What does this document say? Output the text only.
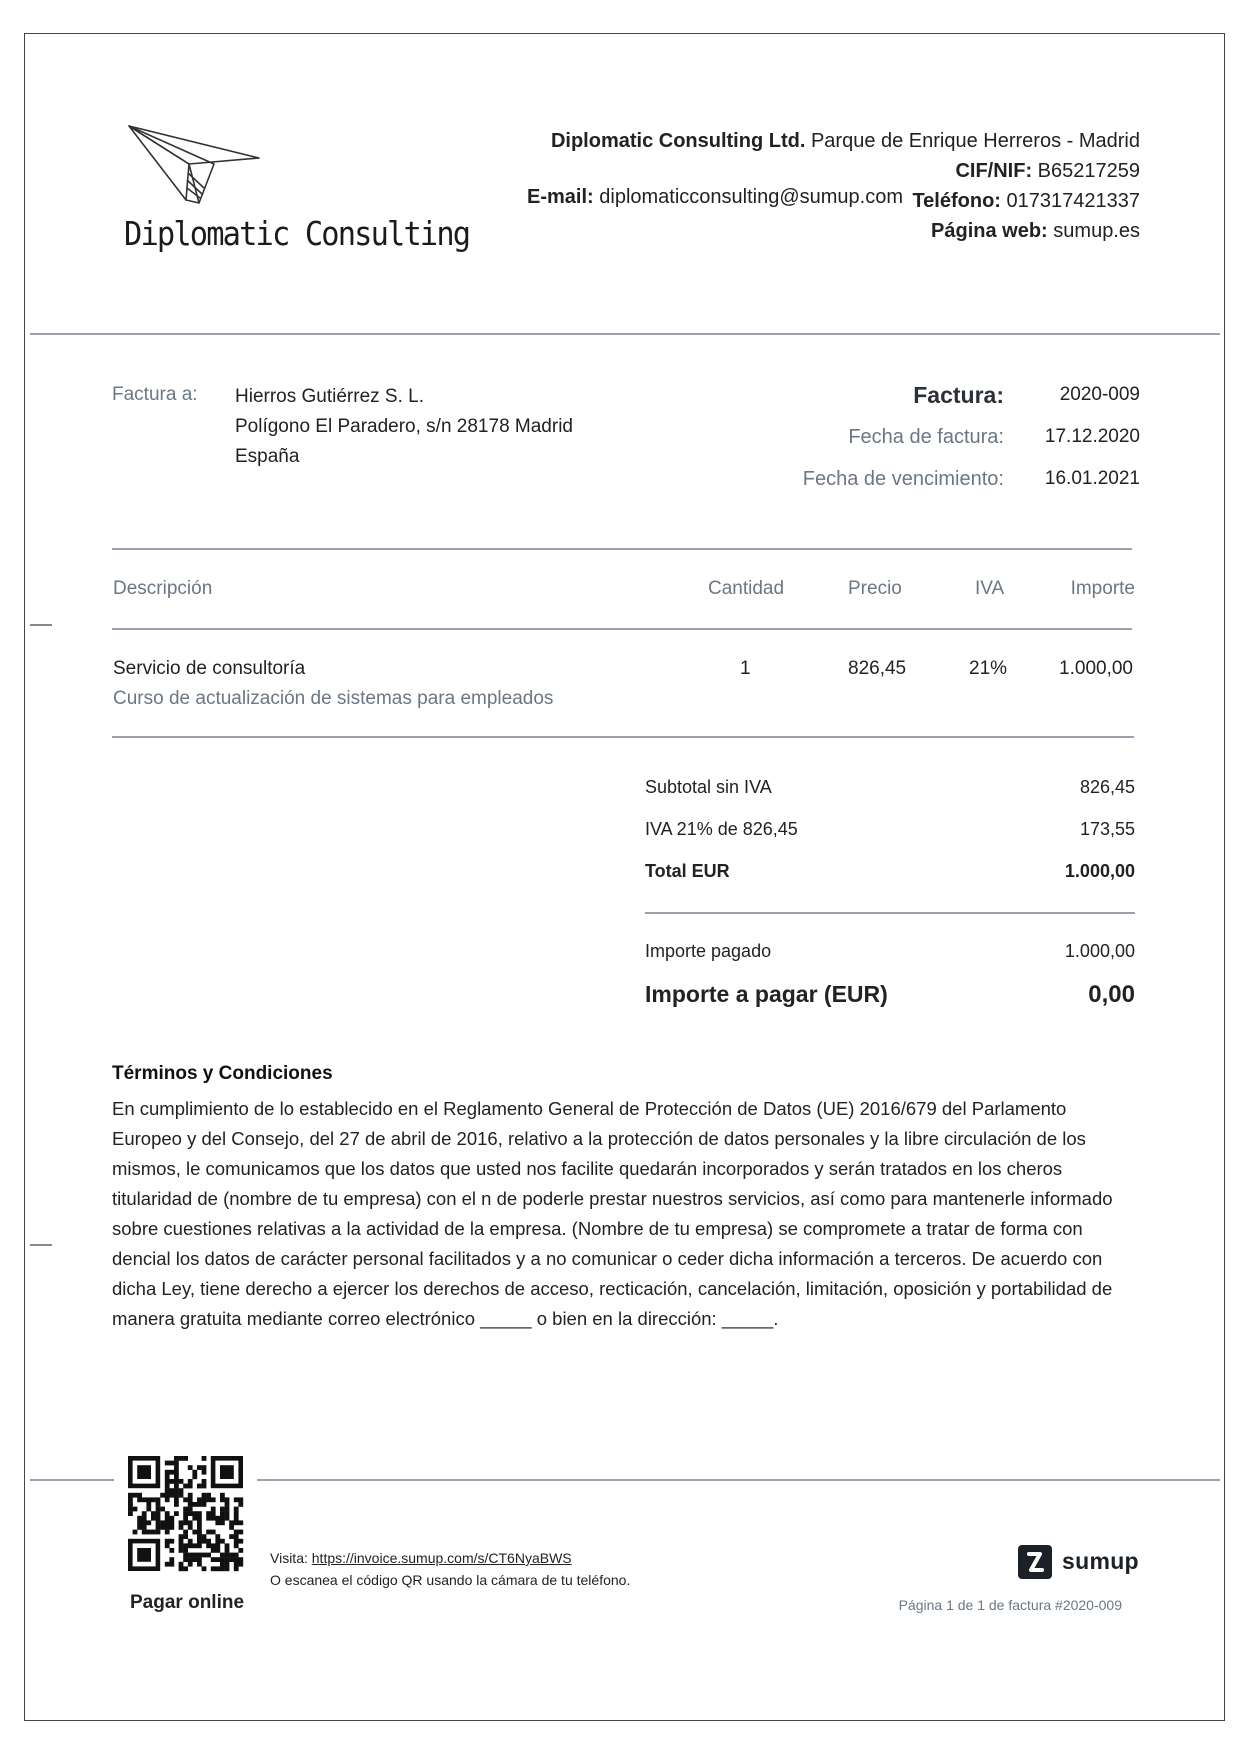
Diplomatic Consulting
Diplomatic Consulting Ltd. Parque de Enrique Herreros - Madrid
CIF/NIF: B65217259
Teléfono: 017317421337
Página web: sumup.es
E-mail: diplomaticconsulting@sumup.com
Factura a: Hierros Gutiérrez S. L.
Polígono El Paradero, s/n 28178 Madrid
España
Factura:	2020-009
Fecha de factura: 17.12.2020
Fecha de vencimiento: 16.01.2021
Descripción	Cantidad	Precio	IVA	Importe
Servicio de consultoría	1	826,45	21%	1.000,00
Curso de actualización de sistemas para empleados
Subtotal sin IVA	826,45
IVA 21% de 826,45	173,55
Total EUR	1.000,00
Importe pagado	1.000,00
Importe a pagar (EUR)	0,00
Términos y Condiciones
En cumplimiento de lo establecido en el Reglamento General de Protección de Datos (UE) 2016/679 del Parlamento Europeo y del Consejo, del 27 de abril de 2016, relativo a la protección de datos personales y la libre circulación de los mismos, le comunicamos que los datos que usted nos facilite quedarán incorporados y serán tratados en los cheros titularidad de (nombre de tu empresa) con el n de poderle prestar nuestros servicios, así como para mantenerle informado sobre cuestiones relativas a la actividad de la empresa. (Nombre de tu empresa) se compromete a tratar de forma con dencial los datos de carácter personal facilitados y a no comunicar o ceder dicha información a terceros. De acuerdo con dicha Ley, tiene derecho a ejercer los derechos de acceso, recticación, cancelación, limitación, oposición y portabilidad de manera gratuita mediante correo electrónico _____ o bien en la dirección: _____.
Pagar online
Visita: https://invoice.sumup.com/s/CT6NyaBWS
O escanea el código QR usando la cámara de tu teléfono.
sumup
Página 1 de 1 de factura #2020-009
